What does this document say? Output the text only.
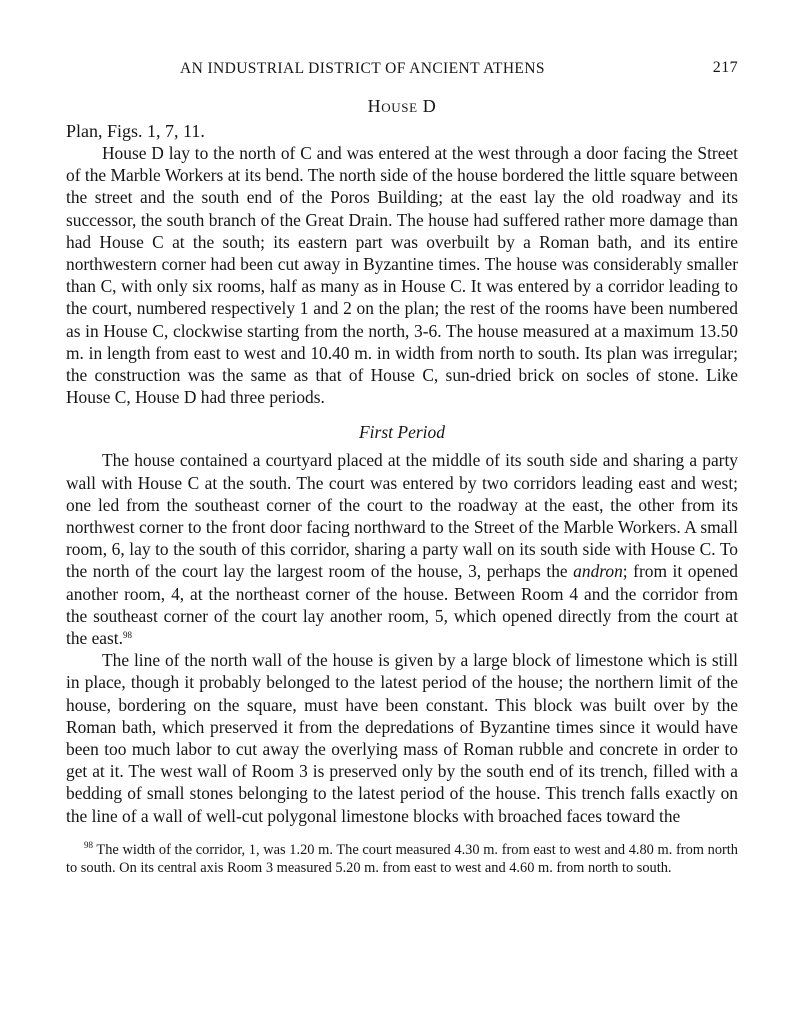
AN INDUSTRIAL DISTRICT OF ANCIENT ATHENS	217
House D
Plan, Figs. 1, 7, 11.

House D lay to the north of C and was entered at the west through a door facing the Street of the Marble Workers at its bend. The north side of the house bordered the little square between the street and the south end of the Poros Building; at the east lay the old roadway and its successor, the south branch of the Great Drain. The house had suffered rather more damage than had House C at the south; its eastern part was overbuilt by a Roman bath, and its entire northwestern corner had been cut away in Byzantine times. The house was considerably smaller than C, with only six rooms, half as many as in House C. It was entered by a corridor leading to the court, numbered respectively 1 and 2 on the plan; the rest of the rooms have been numbered as in House C, clockwise starting from the north, 3-6. The house measured at a maximum 13.50 m. in length from east to west and 10.40 m. in width from north to south. Its plan was irregular; the construction was the same as that of House C, sun-dried brick on socles of stone. Like House C, House D had three periods.

First Period

The house contained a courtyard placed at the middle of its south side and sharing a party wall with House C at the south. The court was entered by two corridors leading east and west; one led from the southeast corner of the court to the roadway at the east, the other from its northwest corner to the front door facing northward to the Street of the Marble Workers. A small room, 6, lay to the south of this corridor, sharing a party wall on its south side with House C. To the north of the court lay the largest room of the house, 3, perhaps the andron; from it opened another room, 4, at the northeast corner of the house. Between Room 4 and the corridor from the southeast corner of the court lay another room, 5, which opened directly from the court at the east.$^{98}$

The line of the north wall of the house is given by a large block of limestone which is still in place, though it probably belonged to the latest period of the house; the northern limit of the house, bordering on the square, must have been constant. This block was built over by the Roman bath, which preserved it from the depredations of Byzantine times since it would have been too much labor to cut away the overlying mass of Roman rubble and concrete in order to get at it. The west wall of Room 3 is preserved only by the south end of its trench, filled with a bedding of small stones belonging to the latest period of the house. This trench falls exactly on the line of a wall of well-cut polygonal limestone blocks with broached faces toward the

$^{98}$ The width of the corridor, 1, was 1.20 m. The court measured 4.30 m. from east to west and 4.80 m. from north to south. On its central axis Room 3 measured 5.20 m. from east to west and 4.60 m. from north to south.
